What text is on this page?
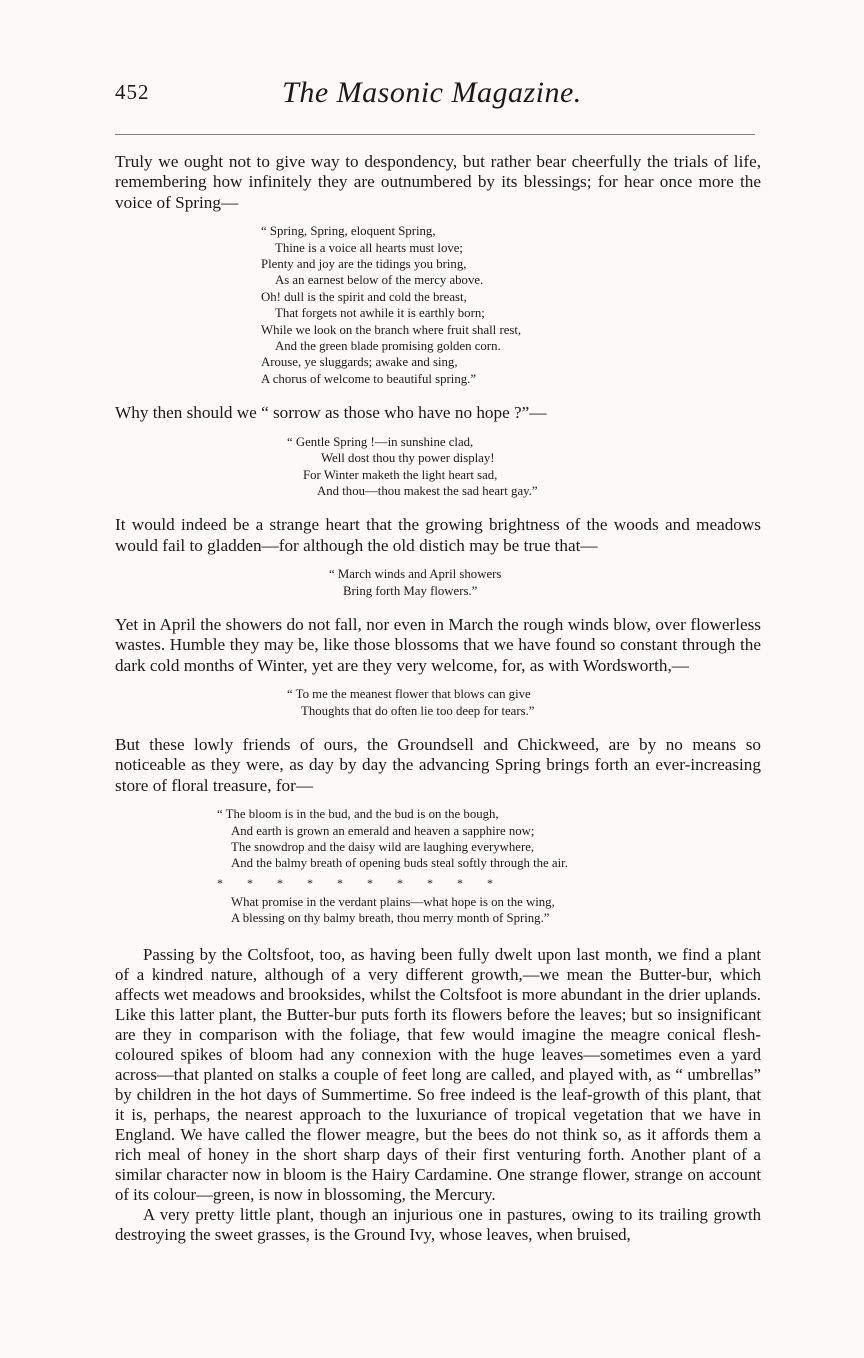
452	The Masonic Magazine.

Truly we ought not to give way to despondency, but rather bear cheerfully the trials of life, remembering how infinitely they are outnumbered by its blessings; for hear once more the voice of Spring—

“ Spring, Spring, eloquent Spring,
Thine is a voice all hearts must love;
Plenty and joy are the tidings you bring,
As an earnest below of the mercy above.
Oh! dull is the spirit and cold the breast,
That forgets not awhile it is earthly born;
While we look on the branch where fruit shall rest,
And the green blade promising golden corn.
Arouse, ye sluggards; awake and sing,
A chorus of welcome to beautiful spring.”

Why then should we “ sorrow as those who have no hope ?”—

“ Gentle Spring !—in sunshine clad,
Well dost thou thy power display!
For Winter maketh the light heart sad,
And thou—thou makest the sad heart gay.”

It would indeed be a strange heart that the growing brightness of the woods and meadows would fail to gladden—for although the old distich may be true that—

“ March winds and April showers
Bring forth May flowers.”

Yet in April the showers do not fall, nor even in March the rough winds blow, over flowerless wastes. Humble they may be, like those blossoms that we have found so constant through the dark cold months of Winter, yet are they very welcome, for, as with Wordsworth,—

“ To me the meanest flower that blows can give
Thoughts that do often lie too deep for tears.”

But these lowly friends of ours, the Groundsell and Chickweed, are by no means so noticeable as they were, as day by day the advancing Spring brings forth an ever-increasing store of floral treasure, for—

“ The bloom is in the bud, and the bud is on the bough,
And earth is grown an emerald and heaven a sapphire now;
The snowdrop and the daisy wild are laughing everywhere,
And the balmy breath of opening buds steal softly through the air.
*        *        *        *        *        *        *        *        *        *
What promise in the verdant plains—what hope is on the wing,
A blessing on thy balmy breath, thou merry month of Spring.”

Passing by the Coltsfoot, too, as having been fully dwelt upon last month, we find a plant of a kindred nature, although of a very different growth,—we mean the Butter-bur, which affects wet meadows and brooksides, whilst the Coltsfoot is more abundant in the drier uplands. Like this latter plant, the Butter-bur puts forth its flowers before the leaves; but so insignificant are they in comparison with the foliage, that few would imagine the meagre conical flesh-coloured spikes of bloom had any connexion with the huge leaves—sometimes even a yard across—that planted on stalks a couple of feet long are called, and played with, as “ umbrellas” by children in the hot days of Summertime. So free indeed is the leaf-growth of this plant, that it is, perhaps, the nearest approach to the luxuriance of tropical vegetation that we have in England. We have called the flower meagre, but the bees do not think so, as it affords them a rich meal of honey in the short sharp days of their first venturing forth. Another plant of a similar character now in bloom is the Hairy Cardamine. One strange flower, strange on account of its colour—green, is now in blossoming, the Mercury.

A very pretty little plant, though an injurious one in pastures, owing to its trailing growth destroying the sweet grasses, is the Ground Ivy, whose leaves, when bruised,
